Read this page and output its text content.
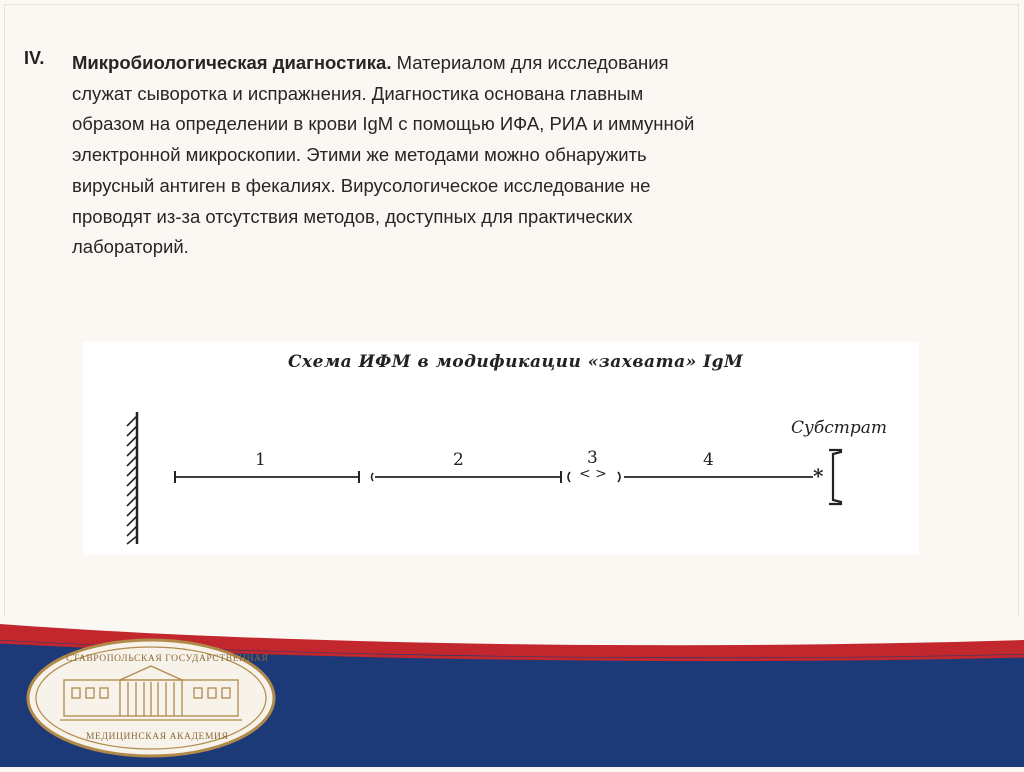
IV. Микробиологическая диагностика. Материалом для исследования
служат сыворотка и испражнения. Диагностика основана главным
образом на определении в крови IgM с помощью ИФА, РИА и иммунной
электронной микроскопии. Этими же методами можно обнаружить
вирусный антиген в фекалиях. Вирусологическое исследование не
проводят из-за отсутствия методов, доступных для практических
лабораторий.
Схема ИФМ в модификации «захвата» IgM
1	2	3
< >
4
Субстрат
*
СТАВРОПОЛЬСКАЯ ГОСУДАРСТВЕННАЯ
МЕДИЦИНСКАЯ АКАДЕМИЯ
